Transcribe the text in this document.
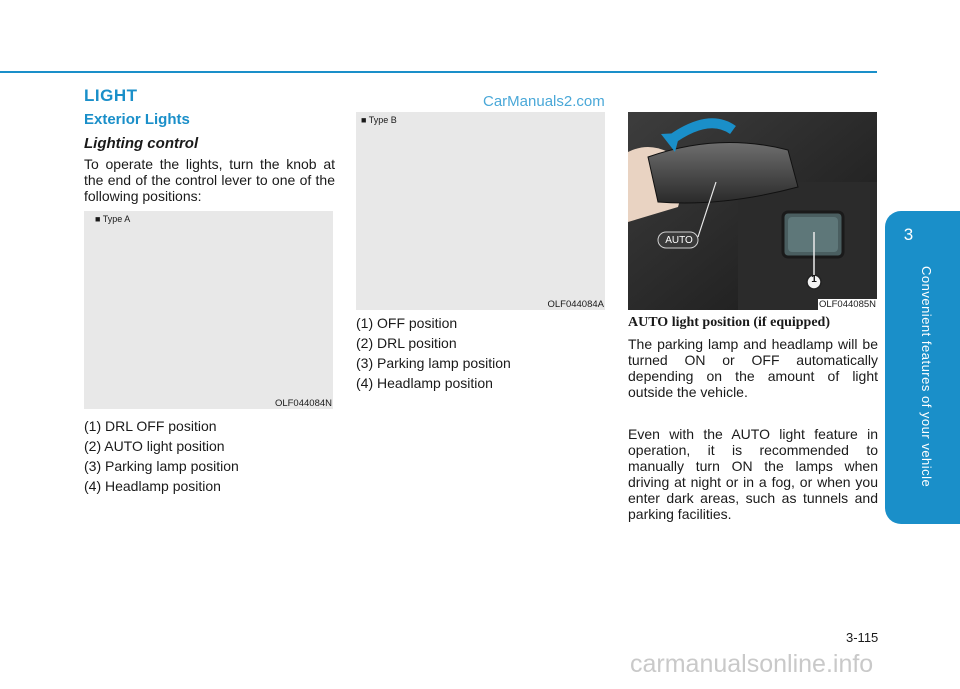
LIGHT	CarManuals2.com
Exterior Lights
Lighting control
To operate the lights, turn the knob at the end of the control lever to one of the following positions:
■ Type A
OLF044084N
(1) DRL OFF position
(2) AUTO light position
(3) Parking lamp position
(4) Headlamp position
■ Type B
OLF044084A
(1) OFF position
(2) DRL position
(3) Parking lamp position
(4) Headlamp position
AUTO
1
OLF044085N
AUTO light position (if equipped)

The parking lamp and headlamp will be turned ON or OFF automatically depending on the amount of light outside the vehicle.

Even with the AUTO light feature in operation, it is recommended to manually turn ON the lamps when driving at night or in a fog, or when you enter dark areas, such as tunnels and parking facilities.

3
Convenient features of your vehicle
3-115
carmanualsonline.info
